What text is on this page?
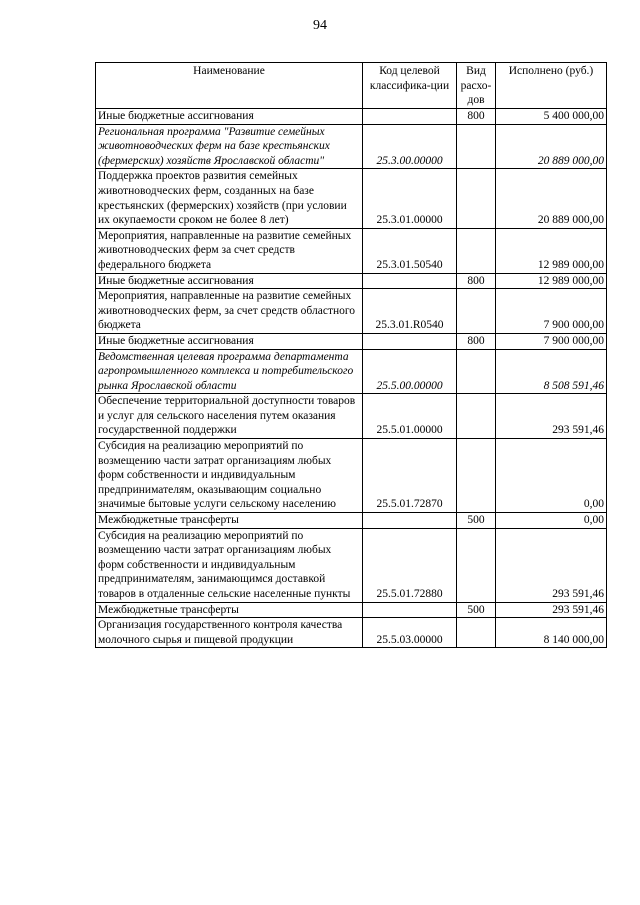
94
Наименование	Код целевой классифика-ции	Вид расхо-дов	Исполнено (руб.)
Иные бюджетные ассигнования		800	5 400 000,00
Региональная программа "Развитие семейных животноводческих ферм на базе крестьянских (фермерских) хозяйств Ярославской области"	25.3.00.00000		20 889 000,00
Поддержка проектов развития семейных животноводческих ферм, созданных на базе крестьянских (фермерских) хозяйств (при условии их окупаемости сроком не более 8 лет)	25.3.01.00000		20 889 000,00
Мероприятия, направленные на развитие семейных животноводческих ферм за счет средств федерального бюджета	25.3.01.50540		12 989 000,00
Иные бюджетные ассигнования		800	12 989 000,00
Мероприятия, направленные на развитие семейных животноводческих ферм, за счет средств областного бюджета	25.3.01.R0540		7 900 000,00
Иные бюджетные ассигнования		800	7 900 000,00
Ведомственная целевая программа департамента агропромышленного комплекса и потребительского рынка Ярославской области	25.5.00.00000		8 508 591,46
Обеспечение территориальной доступности товаров и услуг для сельского населения путем оказания государственной поддержки	25.5.01.00000		293 591,46
Субсидия на реализацию мероприятий по возмещению части затрат организациям любых форм собственности и индивидуальным предпринимателям, оказывающим социально значимые бытовые услуги сельскому населению	25.5.01.72870		0,00
Межбюджетные трансферты		500	0,00
Субсидия на реализацию мероприятий по возмещению части затрат организациям любых форм собственности и индивидуальным предпринимателям, занимающимся доставкой товаров в отдаленные сельские населенные пункты	25.5.01.72880		293 591,46
Межбюджетные трансферты		500	293 591,46
Организация государственного контроля качества молочного сырья и пищевой продукции	25.5.03.00000		8 140 000,00
